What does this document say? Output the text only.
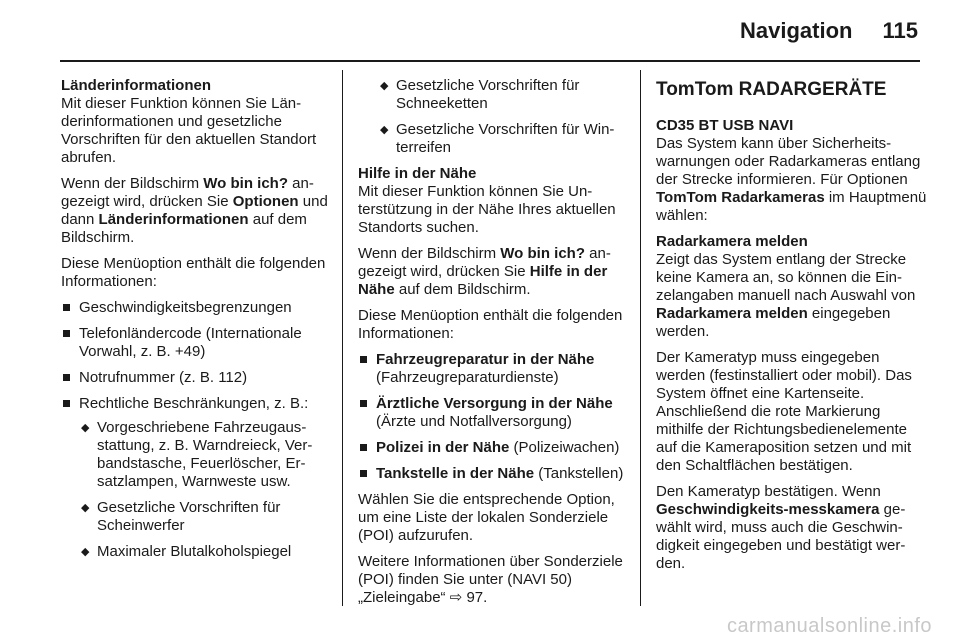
Navigation 115

Länderinformationen

Mit dieser Funktion können Sie Länderinformationen und gesetzliche Vorschriften für den aktuellen Standort abrufen.

Wenn der Bildschirm Wo bin ich? angezeigt wird, drücken Sie Optionen und dann Länderinformationen auf dem Bildschirm.

Diese Menüoption enthält die folgenden Informationen:

Geschwindigkeitsbegrenzungen
Telefonländercode (Internationale Vorwahl, z. B. +49)
Notrufnummer (z. B. 112)
Rechtliche Beschränkungen, z. B.:
◆ Vorgeschriebene Fahrzeugausstattung, z. B. Warndreieck, Verbandstasche, Feuerlöscher, Ersatzlampen, Warnweste usw.
◆ Gesetzliche Vorschriften für Scheinwerfer
◆ Maximaler Blutalkoholspiegel
◆ Gesetzliche Vorschriften für Schneeketten
◆ Gesetzliche Vorschriften für Winterreifen

Hilfe in der Nähe

Mit dieser Funktion können Sie Unterstützung in der Nähe Ihres aktuellen Standorts suchen.

Wenn der Bildschirm Wo bin ich? angezeigt wird, drücken Sie Hilfe in der Nähe auf dem Bildschirm.

Diese Menüoption enthält die folgenden Informationen:

Fahrzeugreparatur in der Nähe (Fahrzeugreparaturdienste)
Ärztliche Versorgung in der Nähe (Ärzte und Notfallversorgung)
Polizei in der Nähe (Polizeiwachen)
Tankstelle in der Nähe (Tankstellen)

Wählen Sie die entsprechende Option, um eine Liste der lokalen Sonderziele (POI) aufzurufen.

Weitere Informationen über Sonderziele (POI) finden Sie unter (NAVI 50) „Zieleingabe“ ⇨ 97.

TomTom RADARGERÄTE

CD35 BT USB NAVI

Das System kann über Sicherheitswarnungen oder Radarkameras entlang der Strecke informieren. Für Optionen TomTom Radarkameras im Hauptmenü wählen:

Radarkamera melden

Zeigt das System entlang der Strecke keine Kamera an, so können die Einzelangaben manuell nach Auswahl von Radarkamera melden eingegeben werden.

Der Kameratyp muss eingegeben werden (festinstalliert oder mobil). Das System öffnet eine Kartenseite. Anschließend die rote Markierung mithilfe der Richtungsbedienelemente auf die Kameraposition setzen und mit den Schaltflächen bestätigen.

Den Kameratyp bestätigen. Wenn Geschwindigkeits-messkamera gewählt wird, muss auch die Geschwindigkeit eingegeben und bestätigt werden.

carmanualsonline.info
